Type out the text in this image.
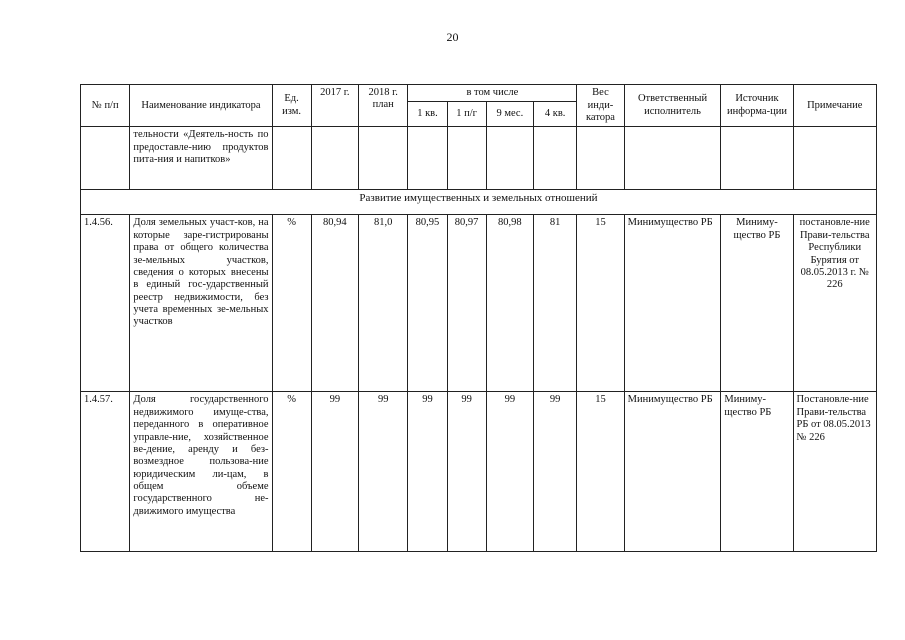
20
№ п/п	Наименование индикатора	Ед. изм.	2017 г.	2018 г. план	в том числе				Вес инди-катора	Ответственный исполнитель	Источник информа-ции	Примечание
					1 кв.	1 п/г	9 мес.	4 кв.				
	тельности «Деятель-ность по предоставле-нию продуктов пита-ния и напитков»											
Развитие имущественных и земельных отношений												
1.4.56.	Доля земельных участ-ков, на которые заре-гистрированы права от общего количества зе-мельных участков, сведения о которых внесены в единый гос-ударственный реестр недвижимости, без учета временных зе-мельных участков	%	80,94	81,0	80,95	80,97	80,98	81	15	Минимущество РБ	Миниму-щество РБ	постановле-ние Прави-тельства Республики Бурятия от 08.05.2013 г. № 226
1.4.57.	Доля государственного недвижимого имуще-ства, переданного в оперативное управле-ние, хозяйственное ве-дение, аренду и без-возмездное пользова-ние юридическим ли-цам, в общем объеме государственного не-движимого имущества	%	99	99	99	99	99	99	15	Минимущество РБ	Миниму-щество РБ	Постановле-ние Прави-тельства РБ от 08.05.2013 № 226
